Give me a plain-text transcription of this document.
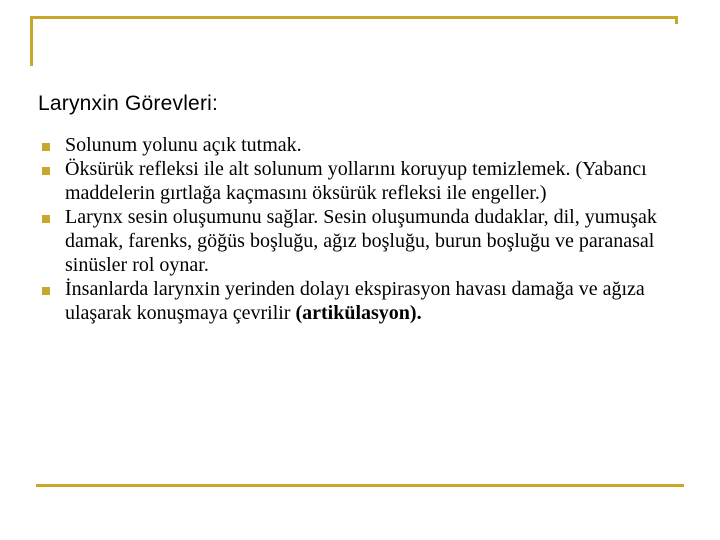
Larynxin Görevleri:
Solunum yolunu açık tutmak.
Öksürük refleksi ile alt solunum yollarını koruyup temizlemek. (Yabancı maddelerin gırtlağa kaçmasını öksürük refleksi ile engeller.)
Larynx sesin oluşumunu sağlar. Sesin oluşumunda dudaklar, dil, yumuşak damak, farenks, göğüs boşluğu, ağız boşluğu, burun boşluğu ve paranasal sinüsler rol oynar.
İnsanlarda larynxin yerinden dolayı ekspirasyon havası damağa ve ağıza ulaşarak konuşmaya çevrilir (artikülasyon).
